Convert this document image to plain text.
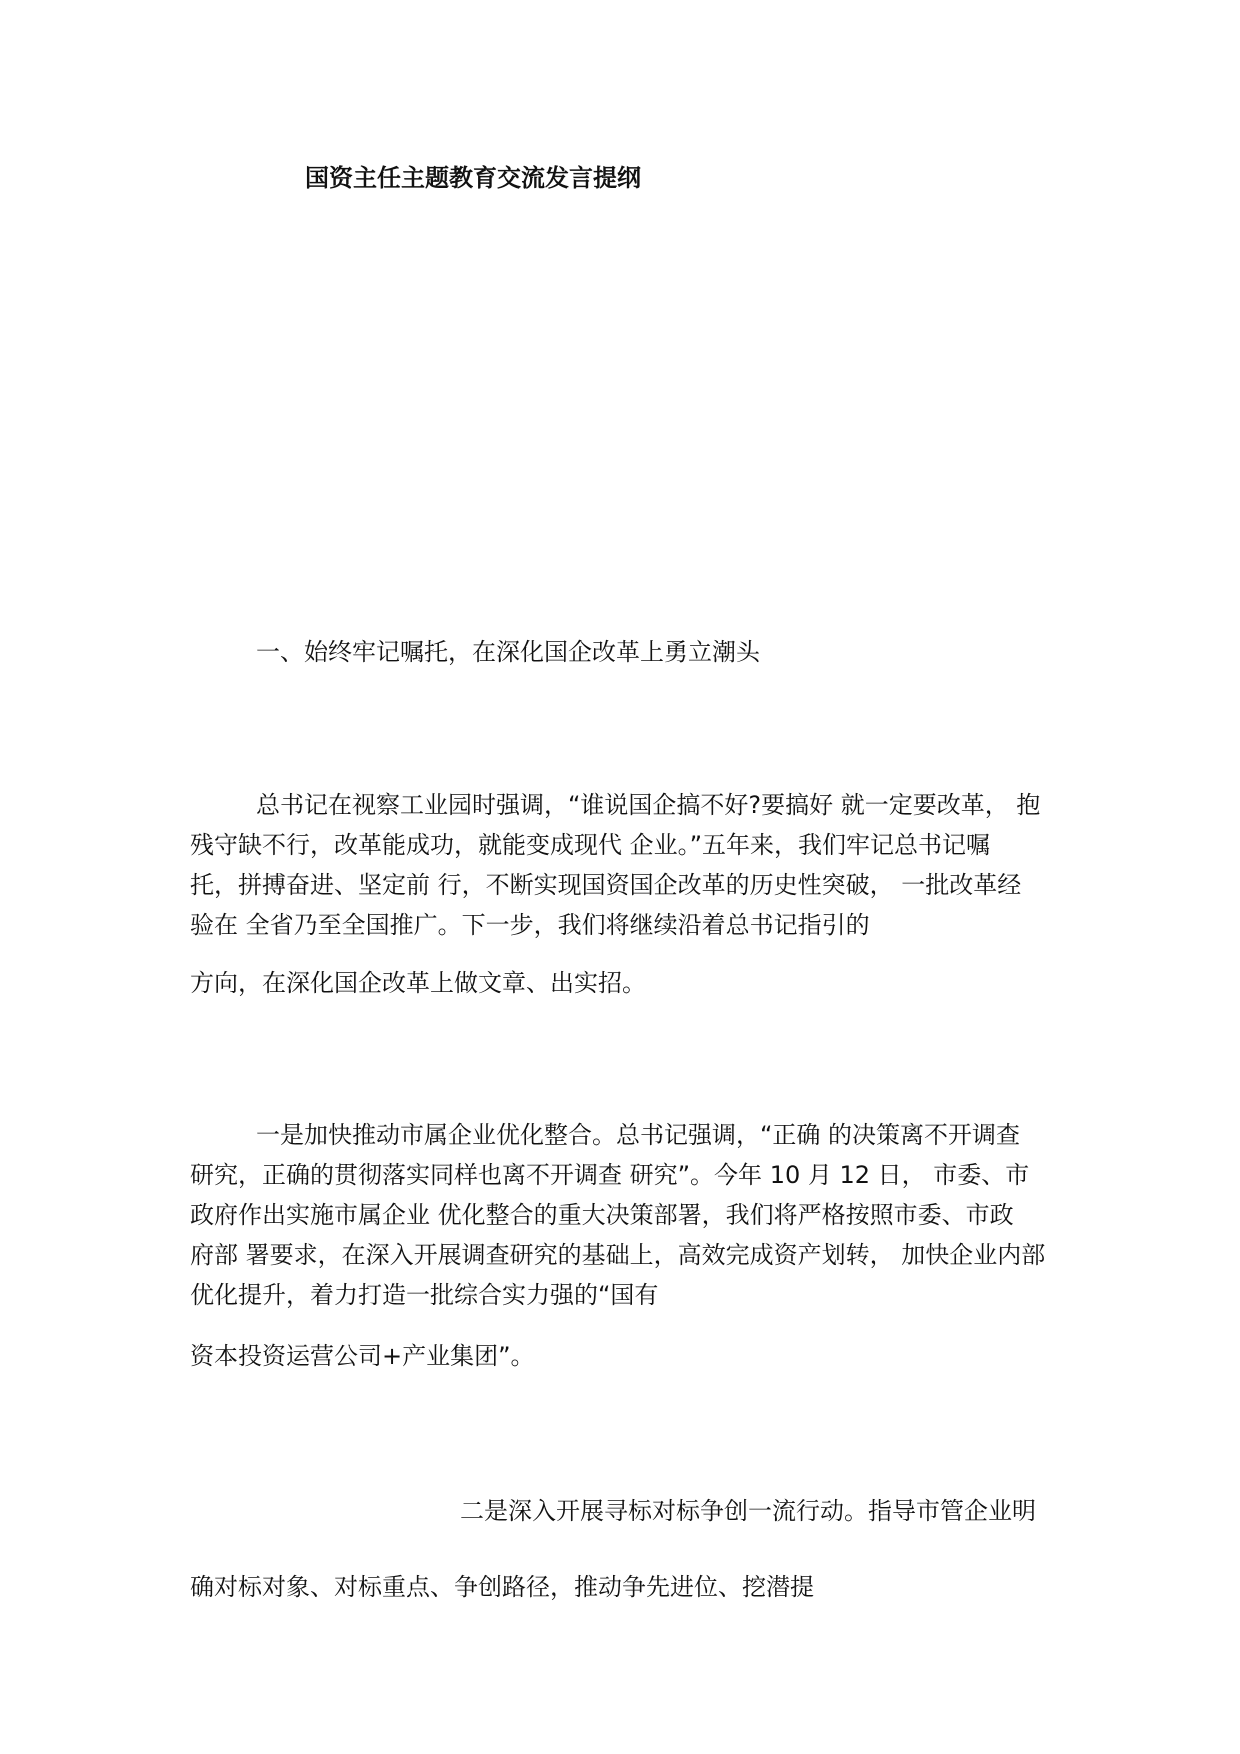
国资主任主题教育交流发言提纲
一、始终牢记嘱托，在深化国企改革上勇立潮头
总书记在视察工业园时强调，“谁说国企搞不好?要搞好 就一定要改革， 抱
残守缺不行，改革能成功，就能变成现代 企业。”五年来，我们牢记总书记嘱
托，拼搏奋进、坚定前 行，不断实现国资国企改革的历史性突破， 一批改革经
验在 全省乃至全国推广。下一步，我们将继续沿着总书记指引的
方向，在深化国企改革上做文章、出实招。
一是加快推动市属企业优化整合。总书记强调，“正确 的决策离不开调查
研究，正确的贯彻落实同样也离不开调查 研究”。今年 10 月 12 日， 市委、市
政府作出实施市属企业 优化整合的重大决策部署，我们将严格按照市委、市政
府部 署要求，在深入开展调查研究的基础上，高效完成资产划转， 加快企业内部
优化提升，着力打造一批综合实力强的“国有
资本投资运营公司+产业集团”。
二是深入开展寻标对标争创一流行动。指导市管企业明
确对标对象、对标重点、争创路径，推动争先进位、挖潜提
